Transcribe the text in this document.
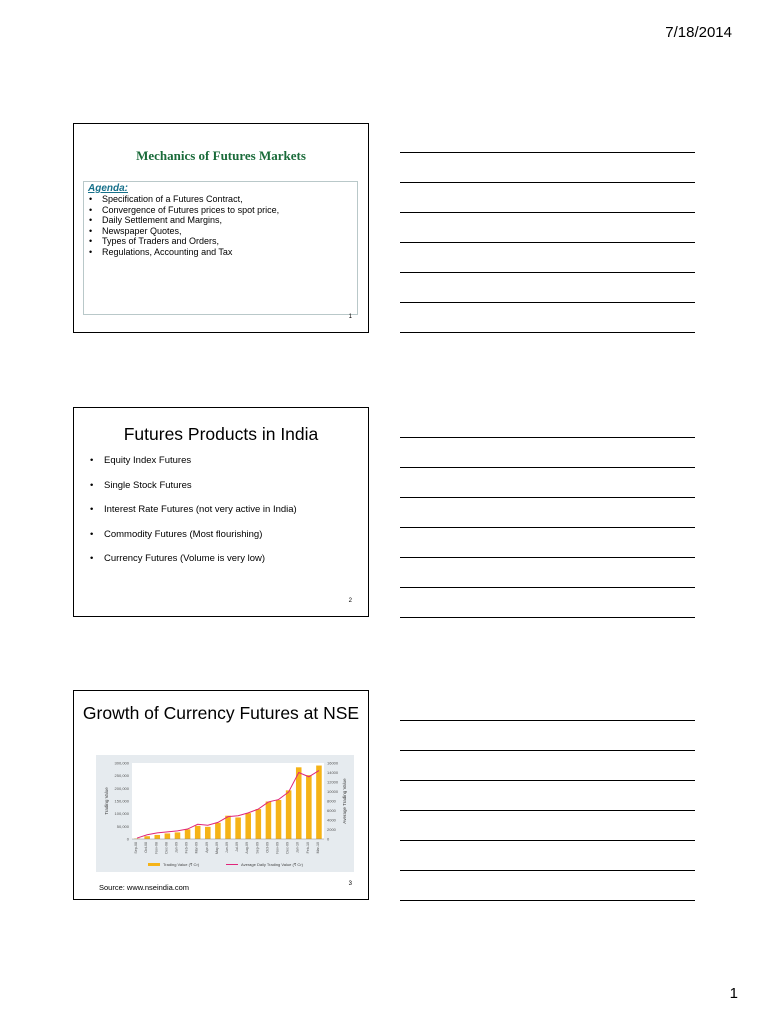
7/18/2014
Mechanics of Futures Markets
Agenda:
• Specification of a Futures Contract,
• Convergence of Futures prices to spot price,
• Daily Settlement and Margins,
• Newspaper Quotes,
• Types of Traders and Orders,
• Regulations, Accounting and Tax
1
Futures Products in India
• Equity Index Futures
• Single Stock Futures
• Interest Rate Futures (not very active in India)
• Commodity Futures (Most flourishing)
• Currency Futures (Volume is very low)
2
Growth of Currency Futures at NSE
0
50,000
100,000
150,000
200,000
250,000
300,000
0
2000
4000
6000
8000
10000
12000
14000
16000
Trading Value	Average Trading Value
Sep-08 Oct-08 Nov-08 Dec-08 Jan-09 Feb-09 Mar-09 Apr-09 May-09 Jun-09 Jul-09 Aug-09 Sep-09 Oct-09 Nov-09 Dec-09 Jan-10 Feb-10 Mar-10
Trading Value (₹ Cr)	Average Daily Trading Value (₹ Cr)
Source: www.nseindia.com	3
1
